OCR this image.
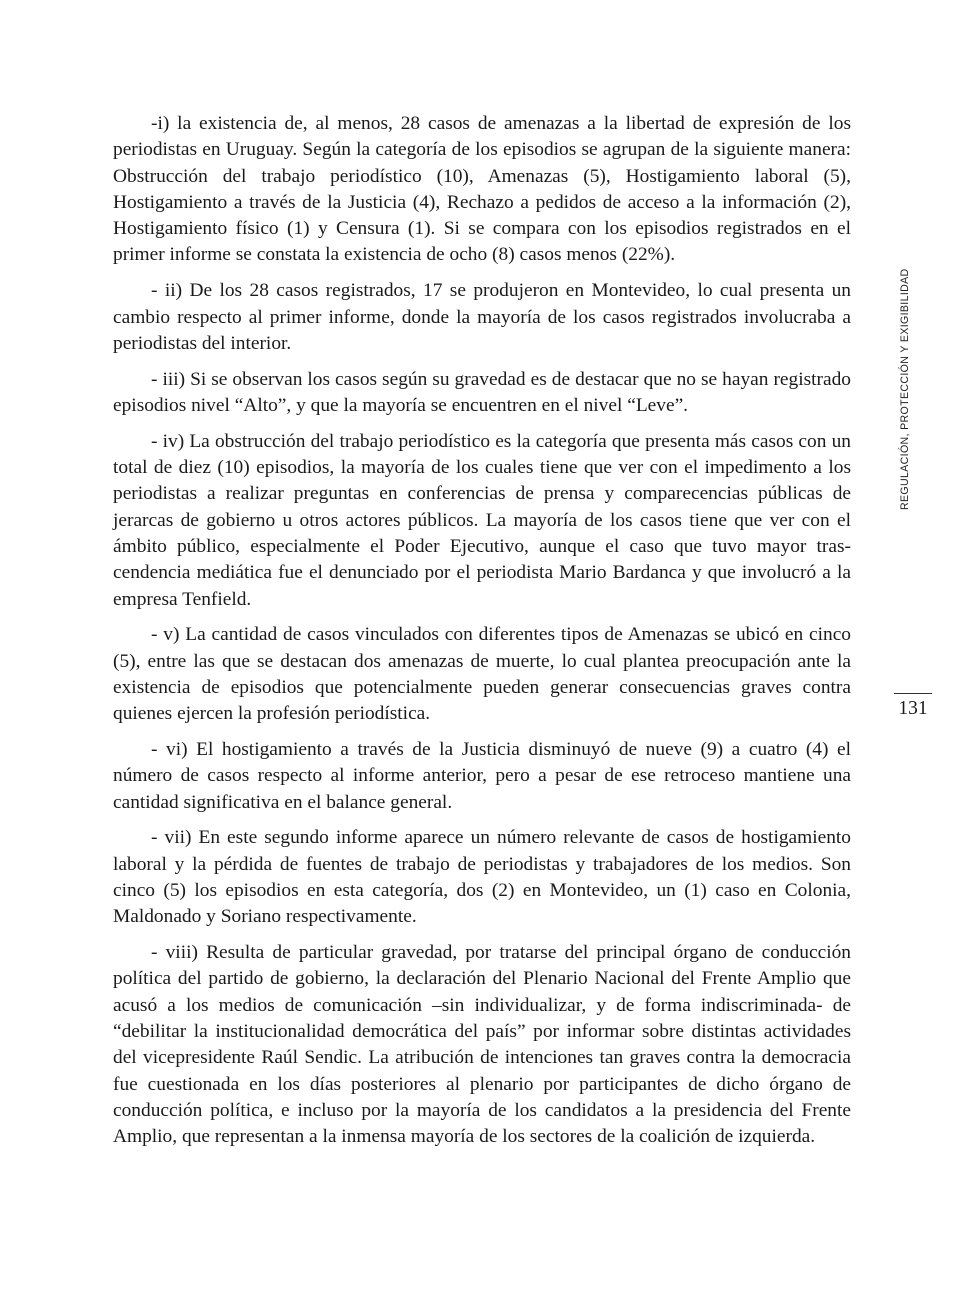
-i) la existencia de, al menos, 28 casos de amenazas a la libertad de expresión de los periodistas en Uruguay. Según la categoría de los episodios se agrupan de la siguiente manera: Obstrucción del trabajo periodístico (10), Amenazas (5), Hostigamiento laboral (5), Hostigamiento a través de la Justicia (4), Rechazo a pedidos de acceso a la información (2), Hostigamiento físico (1) y Censura (1). Si se compara con los episodios registrados en el primer informe se constata la existencia de ocho (8) casos menos (22%).

- ii) De los 28 casos registrados, 17 se produjeron en Montevideo, lo cual presenta un cambio respecto al primer informe, donde la mayoría de los casos registrados involucraba a periodistas del interior.

- iii) Si se observan los casos según su gravedad es de destacar que no se hayan registrado episodios nivel “Alto”, y que la mayoría se encuentren en el nivel “Leve”.

- iv) La obstrucción del trabajo periodístico es la categoría que presenta más casos con un total de diez (10) episodios, la mayoría de los cuales tiene que ver con el impedimento a los periodistas a realizar preguntas en conferencias de prensa y comparecencias públicas de jerarcas de gobierno u otros actores públicos. La mayoría de los casos tiene que ver con el ámbito público, especialmente el Poder Ejecutivo, aunque el caso que tuvo mayor trascendencia mediática fue el denunciado por el periodista Mario Bardanca y que involucró a la empresa Tenfield.

- v) La cantidad de casos vinculados con diferentes tipos de Amenazas se ubicó en cinco (5), entre las que se destacan dos amenazas de muerte, lo cual plantea preocupación ante la existencia de episodios que potencialmente pueden generar consecuencias graves contra quienes ejercen la profesión periodística.

- vi) El hostigamiento a través de la Justicia disminuyó de nueve (9) a cuatro (4) el número de casos respecto al informe anterior, pero a pesar de ese retroceso mantiene una cantidad significativa en el balance general.

- vii) En este segundo informe aparece un número relevante de casos de hostigamiento laboral y la pérdida de fuentes de trabajo de periodistas y trabajadores de los medios. Son cinco (5) los episodios en esta categoría, dos (2) en Montevideo, un (1) caso en Colonia, Maldonado y Soriano respectivamente.

- viii) Resulta de particular gravedad, por tratarse del principal órgano de conducción política del partido de gobierno, la declaración del Plenario Nacional del Frente Amplio que acusó a los medios de comunicación –sin individualizar, y de forma indiscriminada- de “debilitar la institucionalidad democrática del país” por informar sobre distintas actividades del vicepresidente Raúl Sendic. La atribución de intenciones tan graves contra la democracia fue cuestionada en los días posteriores al plenario por participantes de dicho órgano de conducción política, e incluso por la mayoría de los candidatos a la presidencia del Frente Amplio, que representan a la inmensa mayoría de los sectores de la coalición de izquierda.

REGULACIÓN, PROTECCIÓN Y EXIGIBILIDAD
131
